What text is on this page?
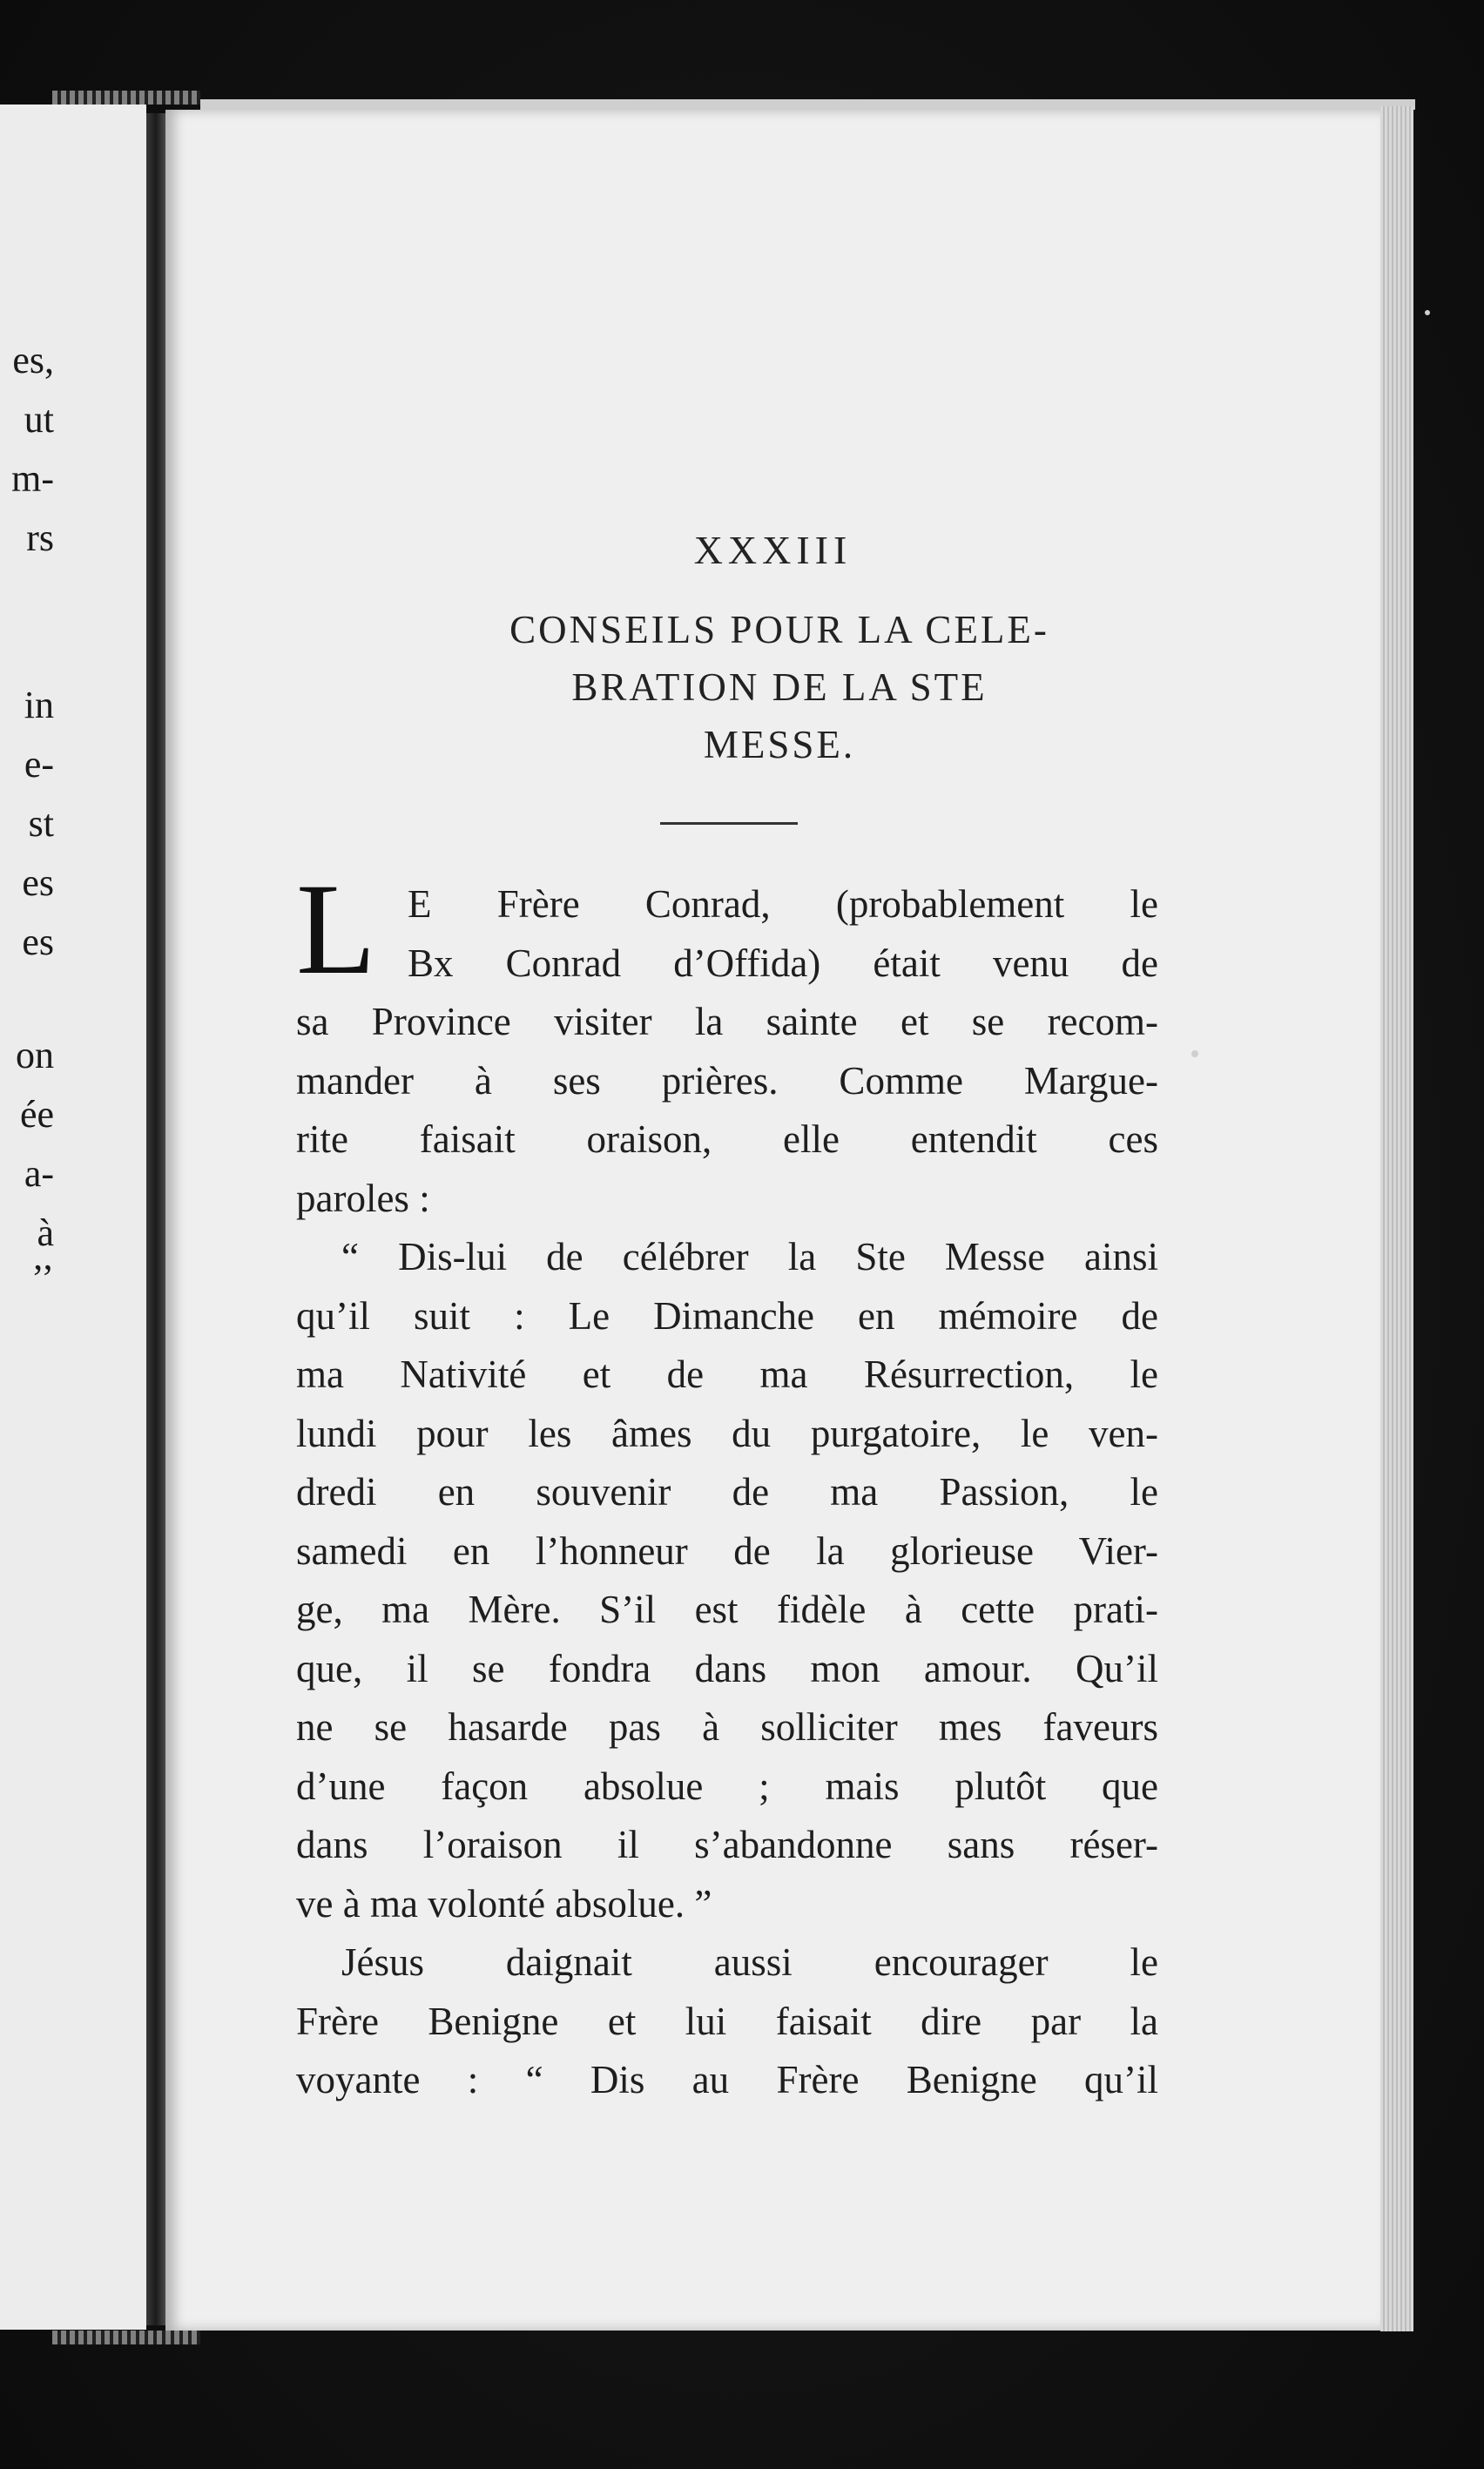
es,
ut
m-
rs
in
e-
st
es
es
on
ée
a-
à
’’
XXXIII
CONSEILS POUR LA CELE-
BRATION DE LA STE
MESSE.
L E Frère Conrad, (probablement le
Bx Conrad d’Offida) était venu de
sa Province visiter la sainte et se recom-
mander à ses prières. Comme Margue-
rite faisait oraison, elle entendit ces
paroles :
“ Dis-lui de célébrer la Ste Messe ainsi
qu’il suit : Le Dimanche en mémoire de
ma Nativité et de ma Résurrection, le
lundi pour les âmes du purgatoire, le ven-
dredi en souvenir de ma Passion, le
samedi en l’honneur de la glorieuse Vier-
ge, ma Mère. S’il est fidèle à cette prati-
que, il se fondra dans mon amour. Qu’il
ne se hasarde pas à solliciter mes faveurs
d’une façon absolue ; mais plutôt que
dans l’oraison il s’abandonne sans réser-
ve à ma volonté absolue. ”
Jésus daignait aussi encourager le
Frère Benigne et lui faisait dire par la
voyante : “ Dis au Frère Benigne qu’il
